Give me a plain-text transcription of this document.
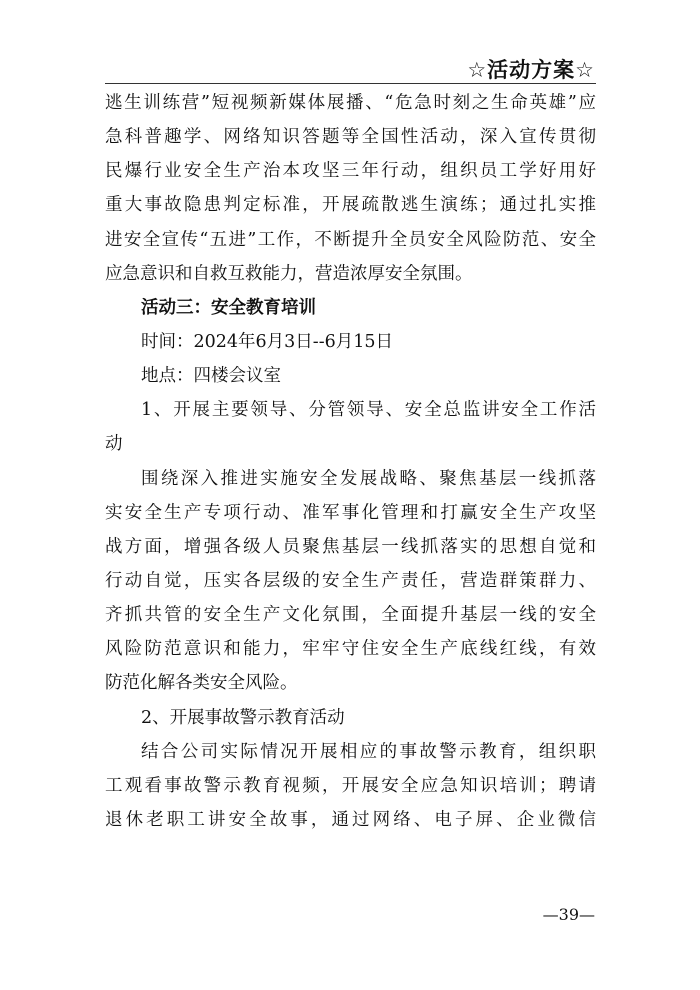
☆活动方案☆
逃生训练营”短视频新媒体展播、“危急时刻之生命英雄”应
急科普趣学、网络知识答题等全国性活动，深入宣传贯彻
民爆行业安全生产治本攻坚三年行动，组织员工学好用好
重大事故隐患判定标准，开展疏散逃生演练；通过扎实推
进安全宣传“五进”工作，不断提升全员安全风险防范、安全
应急意识和自救互救能力，营造浓厚安全氛围。
活动三：安全教育培训
时间：2024年6月3日--6月15日
地点：四楼会议室
1、开展主要领导、分管领导、安全总监讲安全工作活
动
围绕深入推进实施安全发展战略、聚焦基层一线抓落
实安全生产专项行动、准军事化管理和打赢安全生产攻坚
战方面，增强各级人员聚焦基层一线抓落实的思想自觉和
行动自觉，压实各层级的安全生产责任，营造群策群力、
齐抓共管的安全生产文化氛围，全面提升基层一线的安全
风险防范意识和能力，牢牢守住安全生产底线红线，有效
防范化解各类安全风险。
2、开展事故警示教育活动
结合公司实际情况开展相应的事故警示教育，组织职
工观看事故警示教育视频，开展安全应急知识培训；聘请
退休老职工讲安全故事，通过网络、电子屏、企业微信
—39—
